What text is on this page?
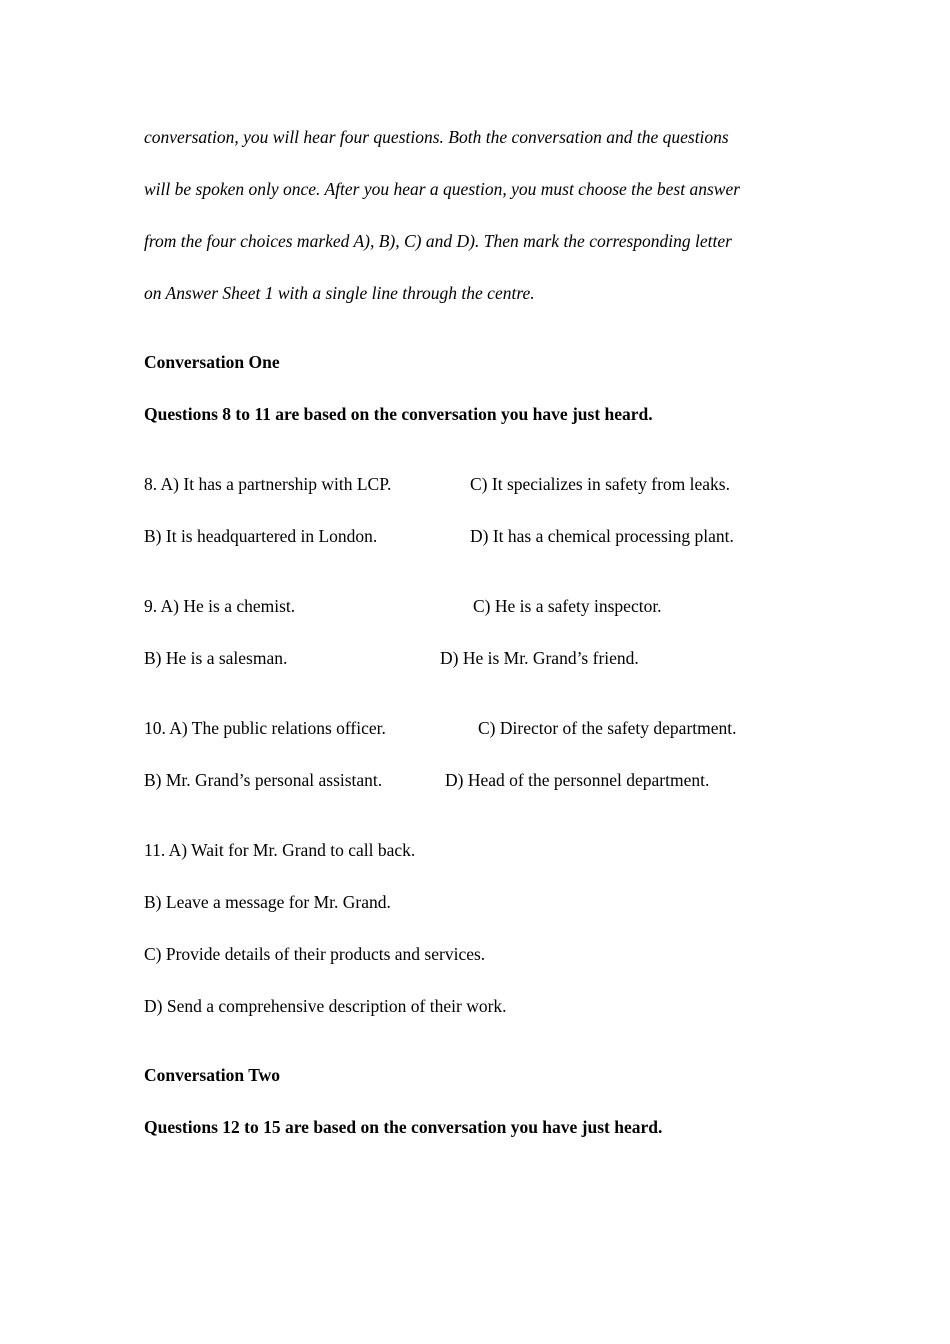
conversation, you will hear four questions. Both the conversation and the questions
will be spoken only once. After you hear a question, you must choose the best answer
from the four choices marked A), B), C) and D). Then mark the corresponding letter
on Answer Sheet 1 with a single line through the centre.
Conversation One
Questions 8 to 11 are based on the conversation you have just heard.
8. A) It has a partnership with LCP.	C) It specializes in safety from leaks.
B) It is headquartered in London.	D) It has a chemical processing plant.
9. A) He is a chemist.	C) He is a safety inspector.
B) He is a salesman.	D) He is Mr. Grand’s friend.
10. A) The public relations officer.	C) Director of the safety department.
B) Mr. Grand’s personal assistant.	D) Head of the personnel department.
11. A) Wait for Mr. Grand to call back.
B) Leave a message for Mr. Grand.
C) Provide details of their products and services.
D) Send a comprehensive description of their work.
Conversation Two
Questions 12 to 15 are based on the conversation you have just heard.
